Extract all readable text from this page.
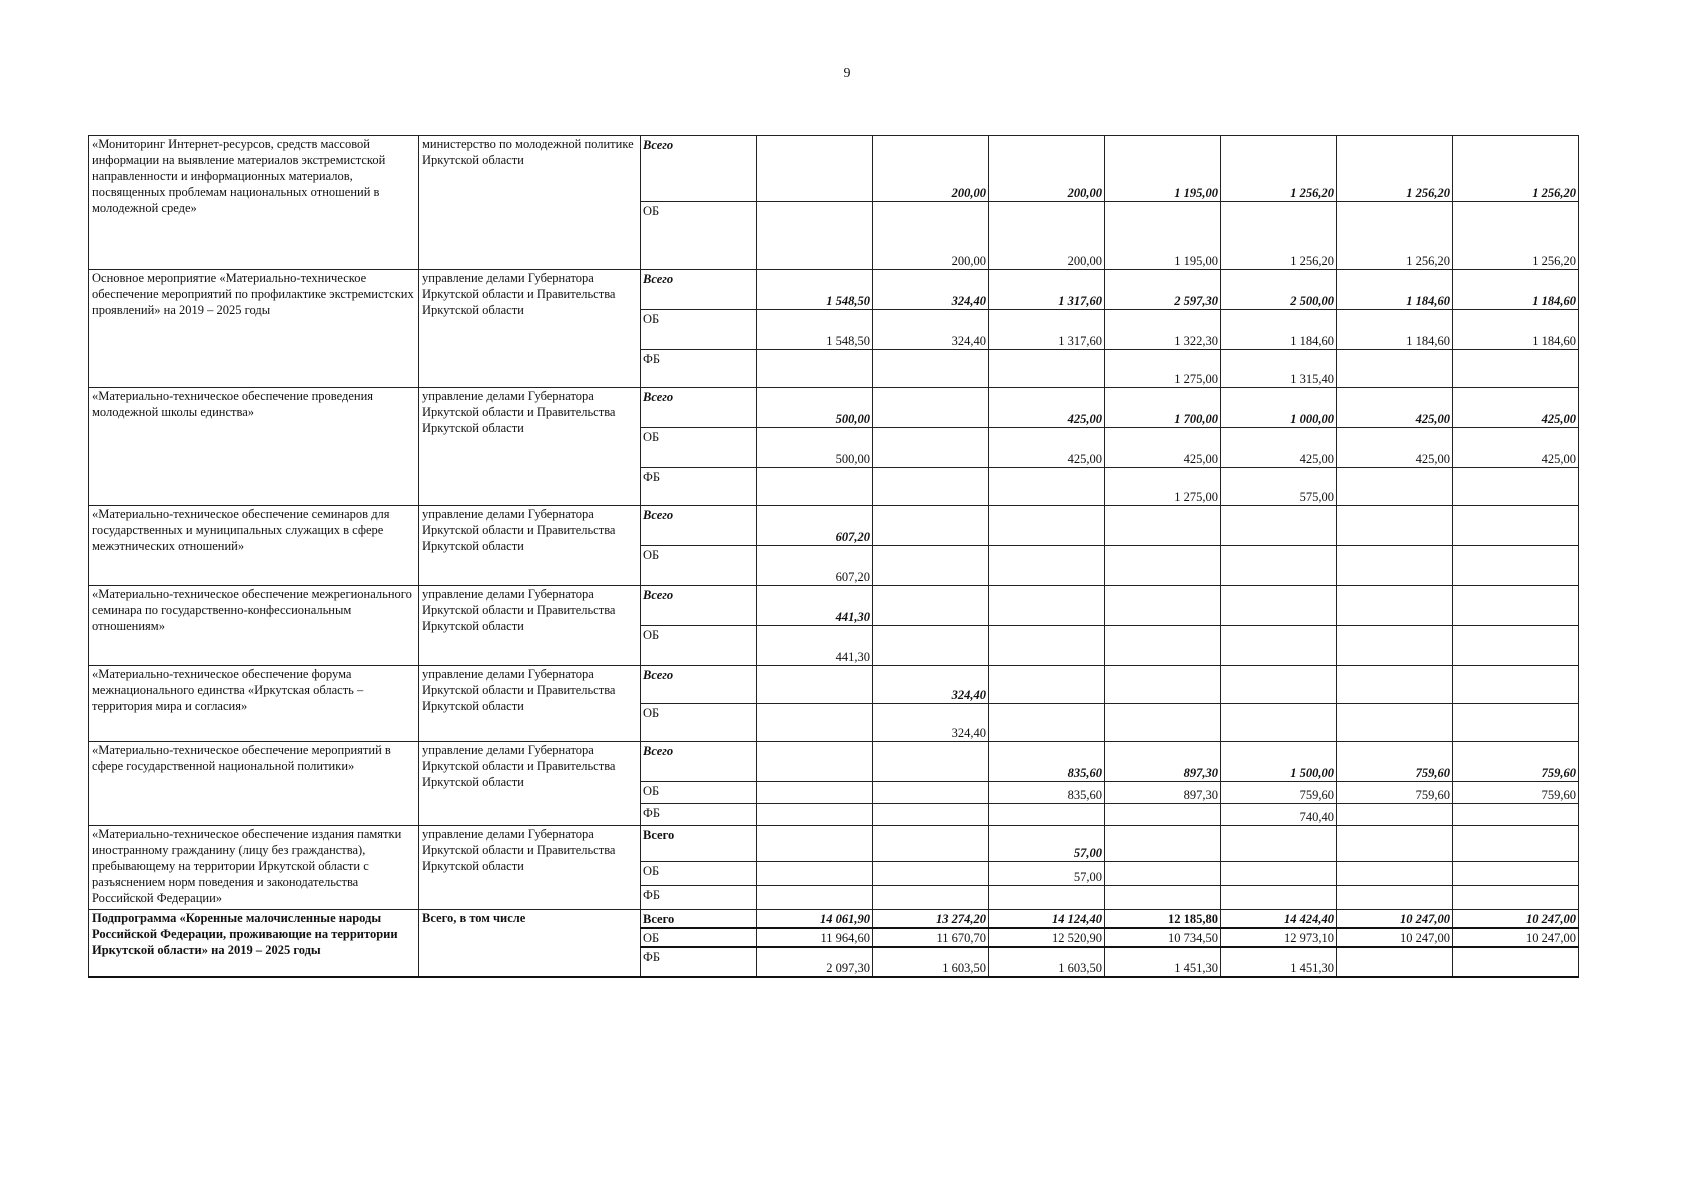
9
«Мониторинг Интернет-ресурсов, средств массовой информации на выявление материалов экстремистской направленности и информационных материалов, посвященных проблемам национальных отношений в молодежной среде»	министерство по молодежной политике Иркутской области	Всего		200,00	200,00	1 195,00	1 256,20	1 256,20	1 256,20
		ОБ		200,00	200,00	1 195,00	1 256,20	1 256,20	1 256,20
Основное мероприятие «Материально-техническое обеспечение мероприятий по профилактике экстремистских проявлений» на 2019 – 2025 годы	управление делами Губернатора Иркутской области и Правительства Иркутской области	Всего	1 548,50	324,40	1 317,60	2 597,30	2 500,00	1 184,60	1 184,60
		ОБ	1 548,50	324,40	1 317,60	1 322,30	1 184,60	1 184,60	1 184,60
		ФБ				1 275,00	1 315,40		
«Материально-техническое обеспечение проведения молодежной школы единства»	управление делами Губернатора Иркутской области и Правительства Иркутской области	Всего	500,00		425,00	1 700,00	1 000,00	425,00	425,00
		ОБ	500,00		425,00	425,00	425,00	425,00	425,00
		ФБ				1 275,00	575,00		
«Материально-техническое обеспечение семинаров для государственных и муниципальных служащих в сфере межэтнических отношений»	управление делами Губернатора Иркутской области и Правительства Иркутской области	Всего	607,20						
		ОБ	607,20						
«Материально-техническое обеспечение межрегионального семинара по государственно-конфессиональным отношениям»	управление делами Губернатора Иркутской области и Правительства Иркутской области	Всего	441,30						
		ОБ	441,30						
«Материально-техническое обеспечение форума межнационального единства «Иркутская область – территория мира и согласия»	управление делами Губернатора Иркутской области и Правительства Иркутской области	Всего		324,40					
		ОБ		324,40					
«Материально-техническое обеспечение мероприятий в сфере государственной национальной политики»	управление делами Губернатора Иркутской области и Правительства Иркутской области	Всего			835,60	897,30	1 500,00	759,60	759,60
		ОБ			835,60	897,30	759,60	759,60	759,60
		ФБ					740,40		
«Материально-техническое обеспечение издания памятки иностранному гражданину (лицу без гражданства), пребывающему на территории Иркутской области с разъяснением норм поведения и законодательства Российской Федерации»	управление делами Губернатора Иркутской области и Правительства Иркутской области	Всего			57,00				
		ОБ			57,00				
		ФБ							
Подпрограмма «Коренные малочисленные народы Российской Федерации, проживающие на территории Иркутской области» на 2019 – 2025 годы	Всего, в том числе	Всего	14 061,90	13 274,20	14 124,40	12 185,80	14 424,40	10 247,00	10 247,00
		ОБ	11 964,60	11 670,70	12 520,90	10 734,50	12 973,10	10 247,00	10 247,00
		ФБ	2 097,30	1 603,50	1 603,50	1 451,30	1 451,30		
